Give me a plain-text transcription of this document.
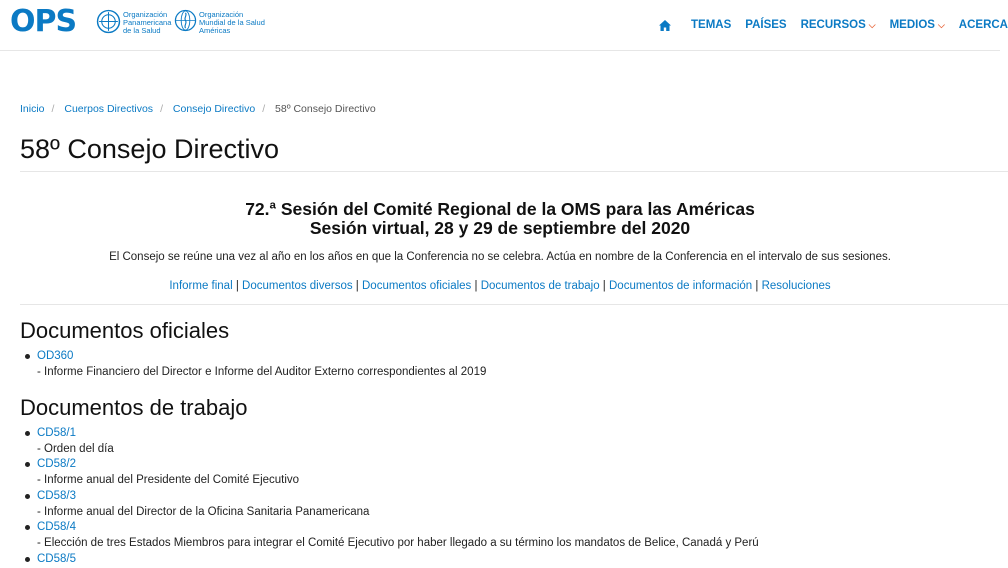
OPS	Organización
Panamericana
de la Salud
Organización
Mundial de la Salud
Américas	TEMAS PAÍSES RECURSOS ⌵ MEDIOS ⌵ ACERCA
Inicio / Cuerpos Directivos / Consejo Directivo / 58º Consejo Directivo
58º Consejo Directivo
72.ª Sesión del Comité Regional de la OMS para las Américas
Sesión virtual, 28 y 29 de septiembre del 2020
El Consejo se reúne una vez al año en los años en que la Conferencia no se celebra. Actúa en nombre de la Conferencia en el intervalo de sus sesiones.
Informe final | Documentos diversos | Documentos oficiales | Documentos de trabajo | Documentos de información | Resoluciones
Documentos oficiales
OD360
- Informe Financiero del Director e Informe del Auditor Externo correspondientes al 2019
Documentos de trabajo
CD58/1
- Orden del día
CD58/2
- Informe anual del Presidente del Comité Ejecutivo
CD58/3
- Informe anual del Director de la Oficina Sanitaria Panamericana
CD58/4
- Elección de tres Estados Miembros para integrar el Comité Ejecutivo por haber llegado a su término los mandatos de Belice, Canadá y Perú
CD58/5
